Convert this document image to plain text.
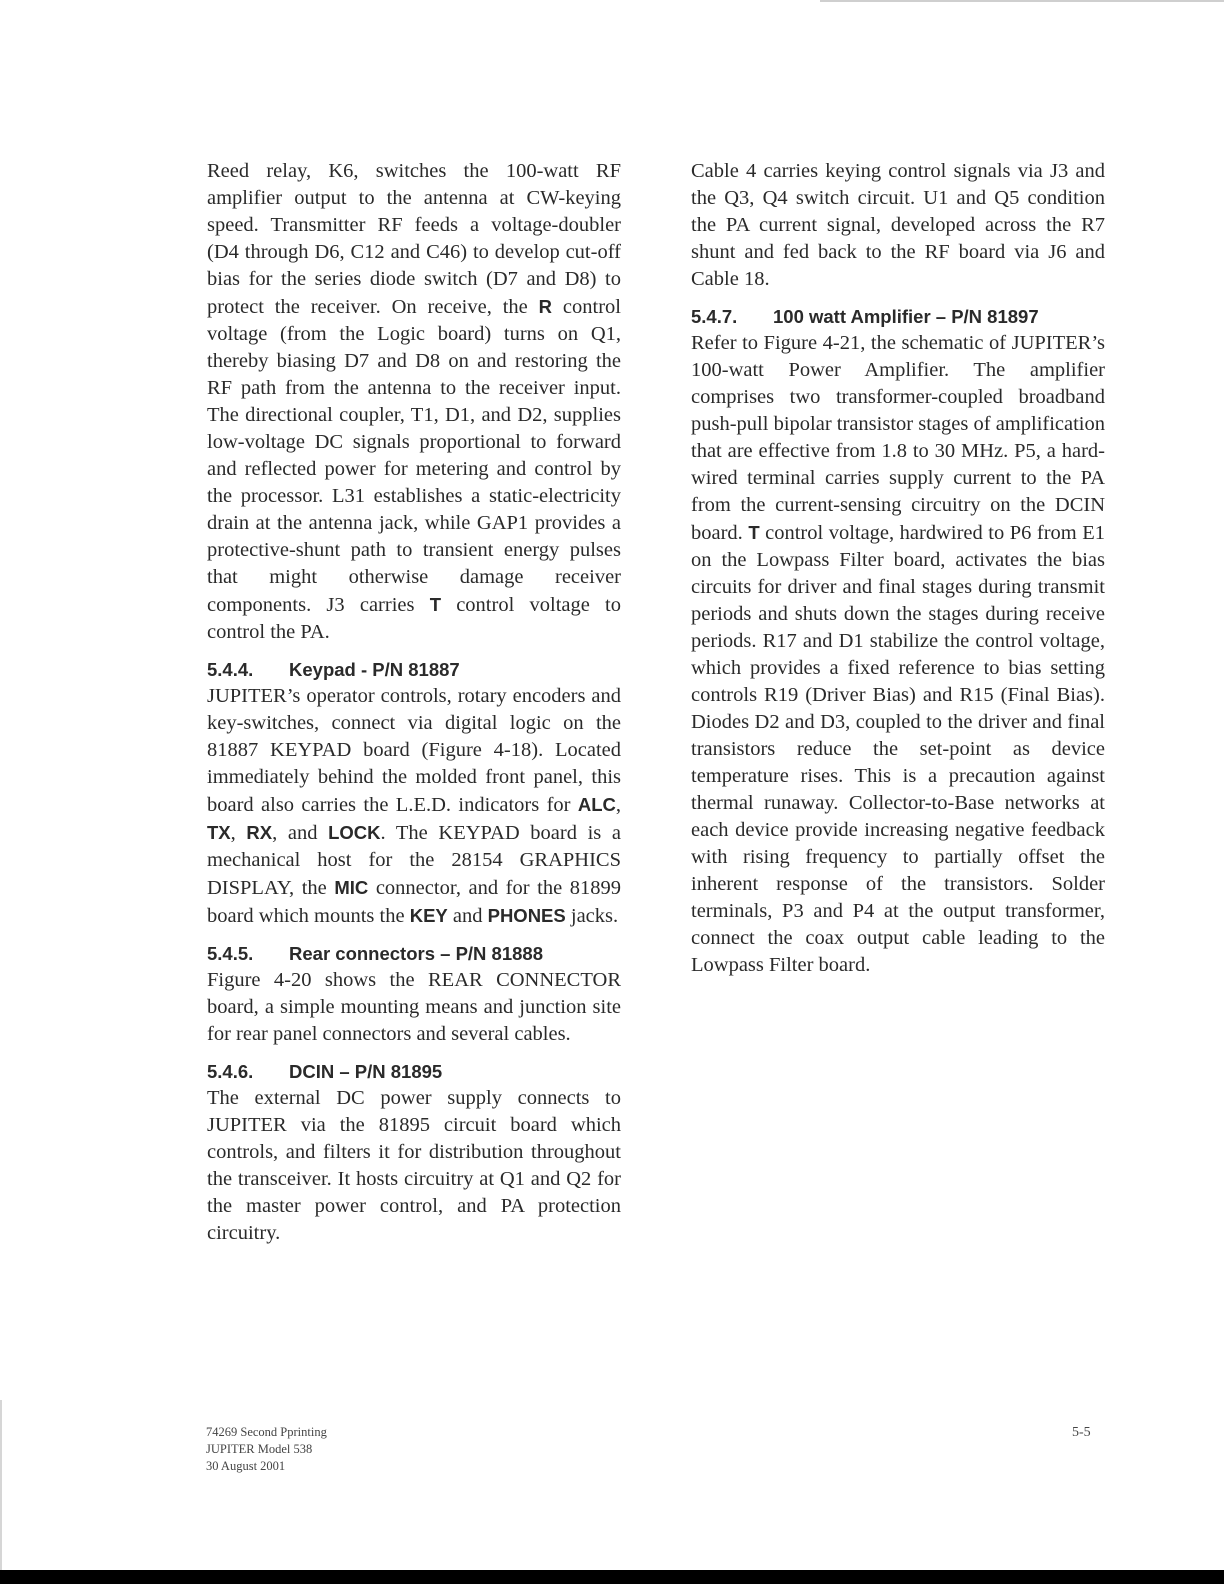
Reed relay, K6, switches the 100-watt RF amplifier output to the antenna at CW-keying speed. Transmitter RF feeds a voltage-doubler (D4 through D6, C12 and C46) to develop cut-off bias for the series diode switch (D7 and D8) to protect the receiver. On receive, the R control voltage (from the Logic board) turns on Q1, thereby biasing D7 and D8 on and restoring the RF path from the antenna to the receiver input. The directional coupler, T1, D1, and D2, supplies low-voltage DC signals proportional to forward and reflected power for metering and control by the processor. L31 establishes a static-electricity drain at the antenna jack, while GAP1 provides a protective-shunt path to transient energy pulses that might otherwise damage receiver components. J3 carries T control voltage to control the PA.

5.4.4. Keypad - P/N 81887

JUPITER’s operator controls, rotary encoders and key-switches, connect via digital logic on the 81887 KEYPAD board (Figure 4-18). Located immediately behind the molded front panel, this board also carries the L.E.D. indicators for ALC, TX, RX, and LOCK. The KEYPAD board is a mechanical host for the 28154 GRAPHICS DISPLAY, the MIC connector, and for the 81899 board which mounts the KEY and PHONES jacks.

5.4.5. Rear connectors – P/N 81888

Figure 4-20 shows the REAR CONNECTOR board, a simple mounting means and junction site for rear panel connectors and several cables.

5.4.6. DCIN – P/N 81895

The external DC power supply connects to JUPITER via the 81895 circuit board which controls, and filters it for distribution throughout the transceiver. It hosts circuitry at Q1 and Q2 for the master power control, and PA protection circuitry.

Cable 4 carries keying control signals via J3 and the Q3, Q4 switch circuit. U1 and Q5 condition the PA current signal, developed across the R7 shunt and fed back to the RF board via J6 and Cable 18.

5.4.7. 100 watt Amplifier – P/N 81897

Refer to Figure 4-21, the schematic of JUPITER’s 100-watt Power Amplifier. The amplifier comprises two transformer-coupled broadband push-pull bipolar transistor stages of amplification that are effective from 1.8 to 30 MHz. P5, a hard-wired terminal carries supply current to the PA from the current-sensing circuitry on the DCIN board. T control voltage, hardwired to P6 from E1 on the Lowpass Filter board, activates the bias circuits for driver and final stages during transmit periods and shuts down the stages during receive periods. R17 and D1 stabilize the control voltage, which provides a fixed reference to bias setting controls R19 (Driver Bias) and R15 (Final Bias). Diodes D2 and D3, coupled to the driver and final transistors reduce the set-point as device temperature rises. This is a precaution against thermal runaway. Collector-to-Base networks at each device provide increasing negative feedback with rising frequency to partially offset the inherent response of the transistors. Solder terminals, P3 and P4 at the output transformer, connect the coax output cable leading to the Lowpass Filter board.

74269 Second Pprinting
JUPITER Model 538
30 August 2001
5-5
